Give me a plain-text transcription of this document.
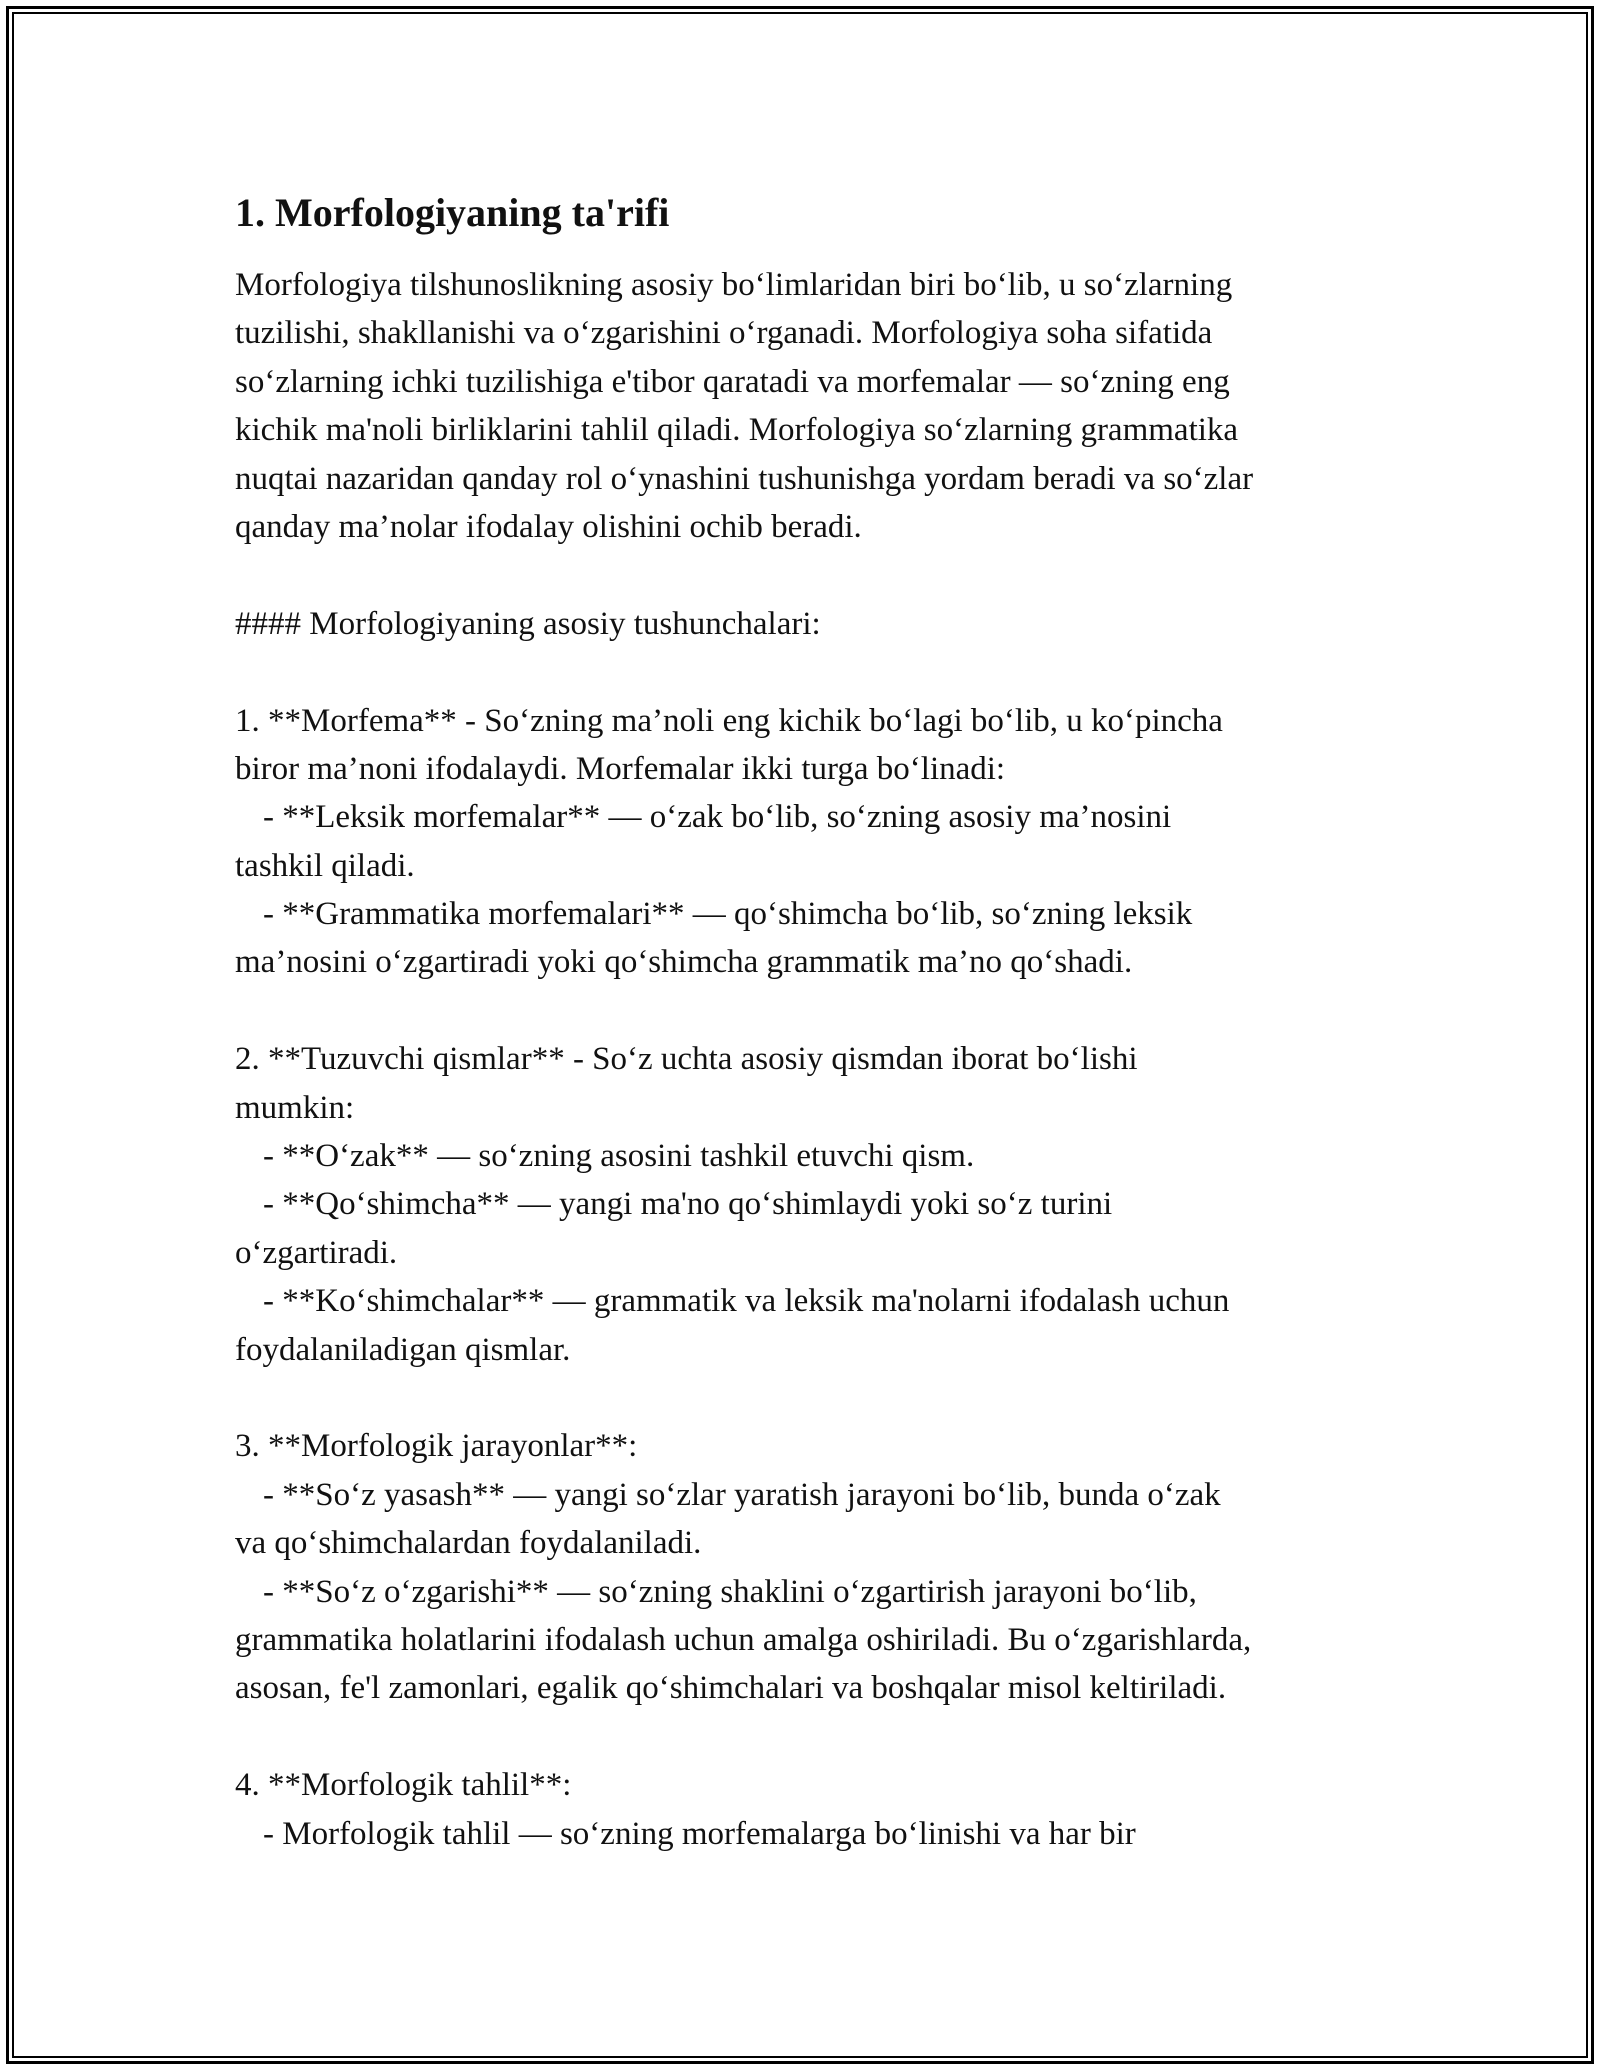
1. Morfologiyaning ta'rifi
Morfologiya tilshunoslikning asosiy bo‘limlaridan biri bo‘lib, u so‘zlarning
tuzilishi, shakllanishi va o‘zgarishini o‘rganadi. Morfologiya soha sifatida
so‘zlarning ichki tuzilishiga e'tibor qaratadi va morfemalar — so‘zning eng
kichik ma'noli birliklarini tahlil qiladi. Morfologiya so‘zlarning grammatika
nuqtai nazaridan qanday rol o‘ynashini tushunishga yordam beradi va so‘zlar
qanday ma’nolar ifodalay olishini ochib beradi.
#### Morfologiyaning asosiy tushunchalari:
1. **Morfema** - So‘zning ma’noli eng kichik bo‘lagi bo‘lib, u ko‘pincha
biror ma’noni ifodalaydi. Morfemalar ikki turga bo‘linadi:
- **Leksik morfemalar** — o‘zak bo‘lib, so‘zning asosiy ma’nosini
tashkil qiladi.
- **Grammatika morfemalari** — qo‘shimcha bo‘lib, so‘zning leksik
ma’nosini o‘zgartiradi yoki qo‘shimcha grammatik ma’no qo‘shadi.
2. **Tuzuvchi qismlar** - So‘z uchta asosiy qismdan iborat bo‘lishi
mumkin:
- **O‘zak** — so‘zning asosini tashkil etuvchi qism.
- **Qo‘shimcha** — yangi ma'no qo‘shimlaydi yoki so‘z turini
o‘zgartiradi.
- **Ko‘shimchalar** — grammatik va leksik ma'nolarni ifodalash uchun
foydalaniladigan qismlar.
3. **Morfologik jarayonlar**:
- **So‘z yasash** — yangi so‘zlar yaratish jarayoni bo‘lib, bunda o‘zak
va qo‘shimchalardan foydalaniladi.
- **So‘z o‘zgarishi** — so‘zning shaklini o‘zgartirish jarayoni bo‘lib,
grammatika holatlarini ifodalash uchun amalga oshiriladi. Bu o‘zgarishlarda,
asosan, fe'l zamonlari, egalik qo‘shimchalari va boshqalar misol keltiriladi.
4. **Morfologik tahlil**:
- Morfologik tahlil — so‘zning morfemalarga bo‘linishi va har bir
